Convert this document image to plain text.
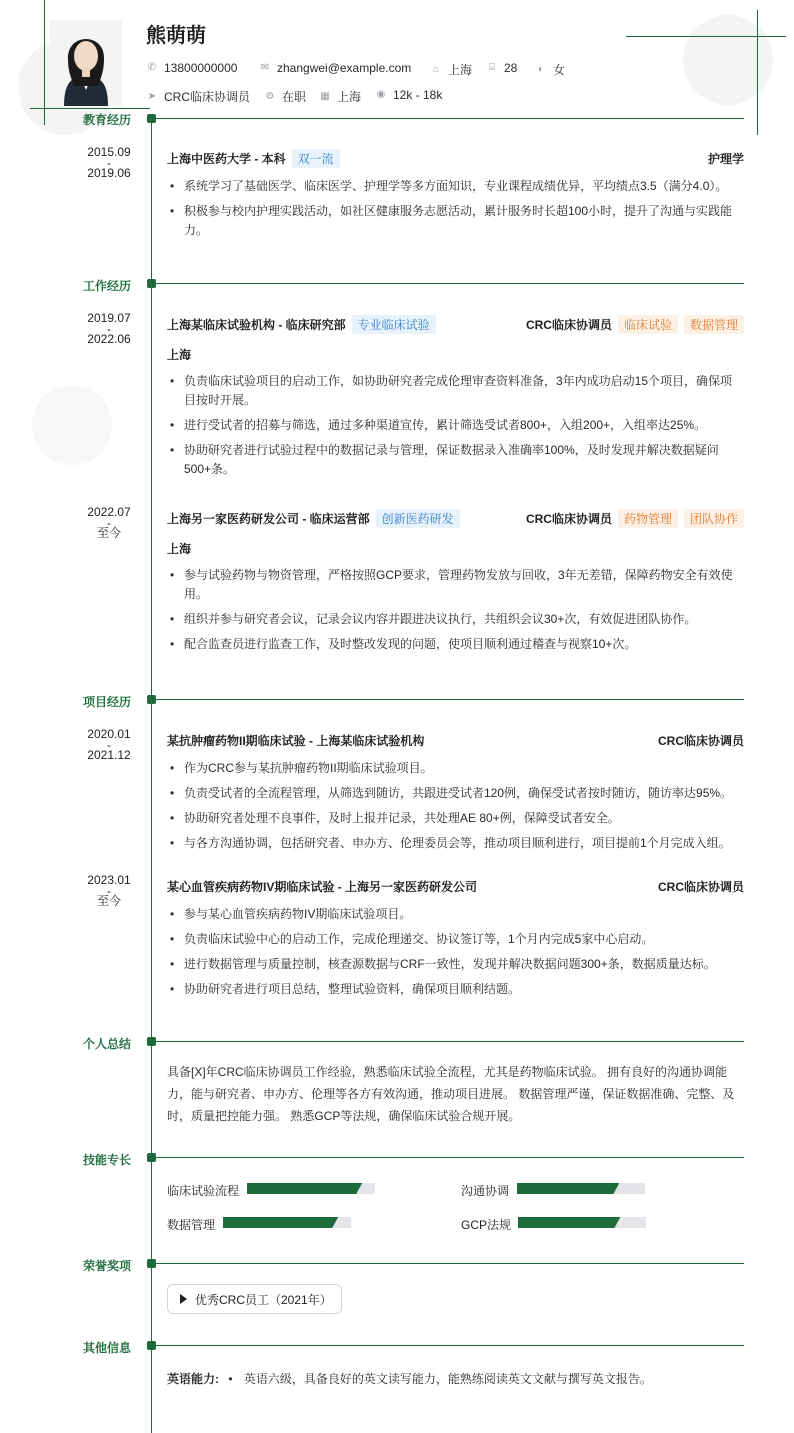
熊萌萌
✆ 13800000000 ✉ zhangwei@example.com ⌂ 上海	⌸ 28 ◐ 女
➤ CRC临床协调员 ⚙ 在职 ▦ 上海 ◉ 12k - 18k
教育经历
2015.09
-
2019.06
上海中医药大学 - 本科 双一流	护理学
• 系统学习了基础医学、临床医学、护理学等多方面知识，专业课程成绩优异，平均绩点3.5（满分4.0）。
• 积极参与校内护理实践活动，如社区健康服务志愿活动，累计服务时长超100小时，提升了沟通与实践能力。
工作经历
2019.07
-
2022.06
上海某临床试验机构 - 临床研究部 专业临床试验	CRC临床协调员 临床试验 数据管理
上海
• 负责临床试验项目的启动工作，如协助研究者完成伦理审查资料准备，3年内成功启动15个项目，确保项目按时开展。
• 进行受试者的招募与筛选，通过多种渠道宣传，累计筛选受试者800+，入组200+，入组率达25%。
• 协助研究者进行试验过程中的数据记录与管理，保证数据录入准确率100%，及时发现并解决数据疑问500+条。
2022.07
-
至今
上海另一家医药研发公司 - 临床运营部 创新医药研发	CRC临床协调员 药物管理 团队协作
上海
• 参与试验药物与物资管理，严格按照GCP要求，管理药物发放与回收，3年无差错，保障药物安全有效使用。
• 组织并参与研究者会议，记录会议内容并跟进决议执行，共组织会议30+次，有效促进团队协作。
• 配合监查员进行监查工作，及时整改发现的问题，使项目顺利通过稽查与视察10+次。
项目经历
2020.01
-
2021.12
某抗肿瘤药物II期临床试验 - 上海某临床试验机构	CRC临床协调员
• 作为CRC参与某抗肿瘤药物II期临床试验项目。
• 负责受试者的全流程管理，从筛选到随访，共跟进受试者120例，确保受试者按时随访，随访率达95%。
• 协助研究者处理不良事件，及时上报并记录，共处理AE 80+例，保障受试者安全。
• 与各方沟通协调，包括研究者、申办方、伦理委员会等，推动项目顺利进行，项目提前1个月完成入组。
2023.01
-
至今
某心血管疾病药物IV期临床试验 - 上海另一家医药研发公司	CRC临床协调员
• 参与某心血管疾病药物IV期临床试验项目。
• 负责临床试验中心的启动工作，完成伦理递交、协议签订等，1个月内完成5家中心启动。
• 进行数据管理与质量控制，核查源数据与CRF一致性，发现并解决数据问题300+条，数据质量达标。
• 协助研究者进行项目总结，整理试验资料，确保项目顺利结题。
个人总结
具备[X]年CRC临床协调员工作经验，熟悉临床试验全流程，尤其是药物临床试验。 拥有良好的沟通协调能力，能与研究者、申办方、伦理等各方有效沟通，推动项目进展。 数据管理严谨，保证数据准确、完整、及时，质量把控能力强。 熟悉GCP等法规，确保临床试验合规开展。
技能专长
临床试验流程	沟通协调
数据管理	GCP法规
荣誉奖项
优秀CRC员工（2021年）
其他信息
英语能力: • 英语六级，具备良好的英文读写能力，能熟练阅读英文文献与撰写英文报告。
